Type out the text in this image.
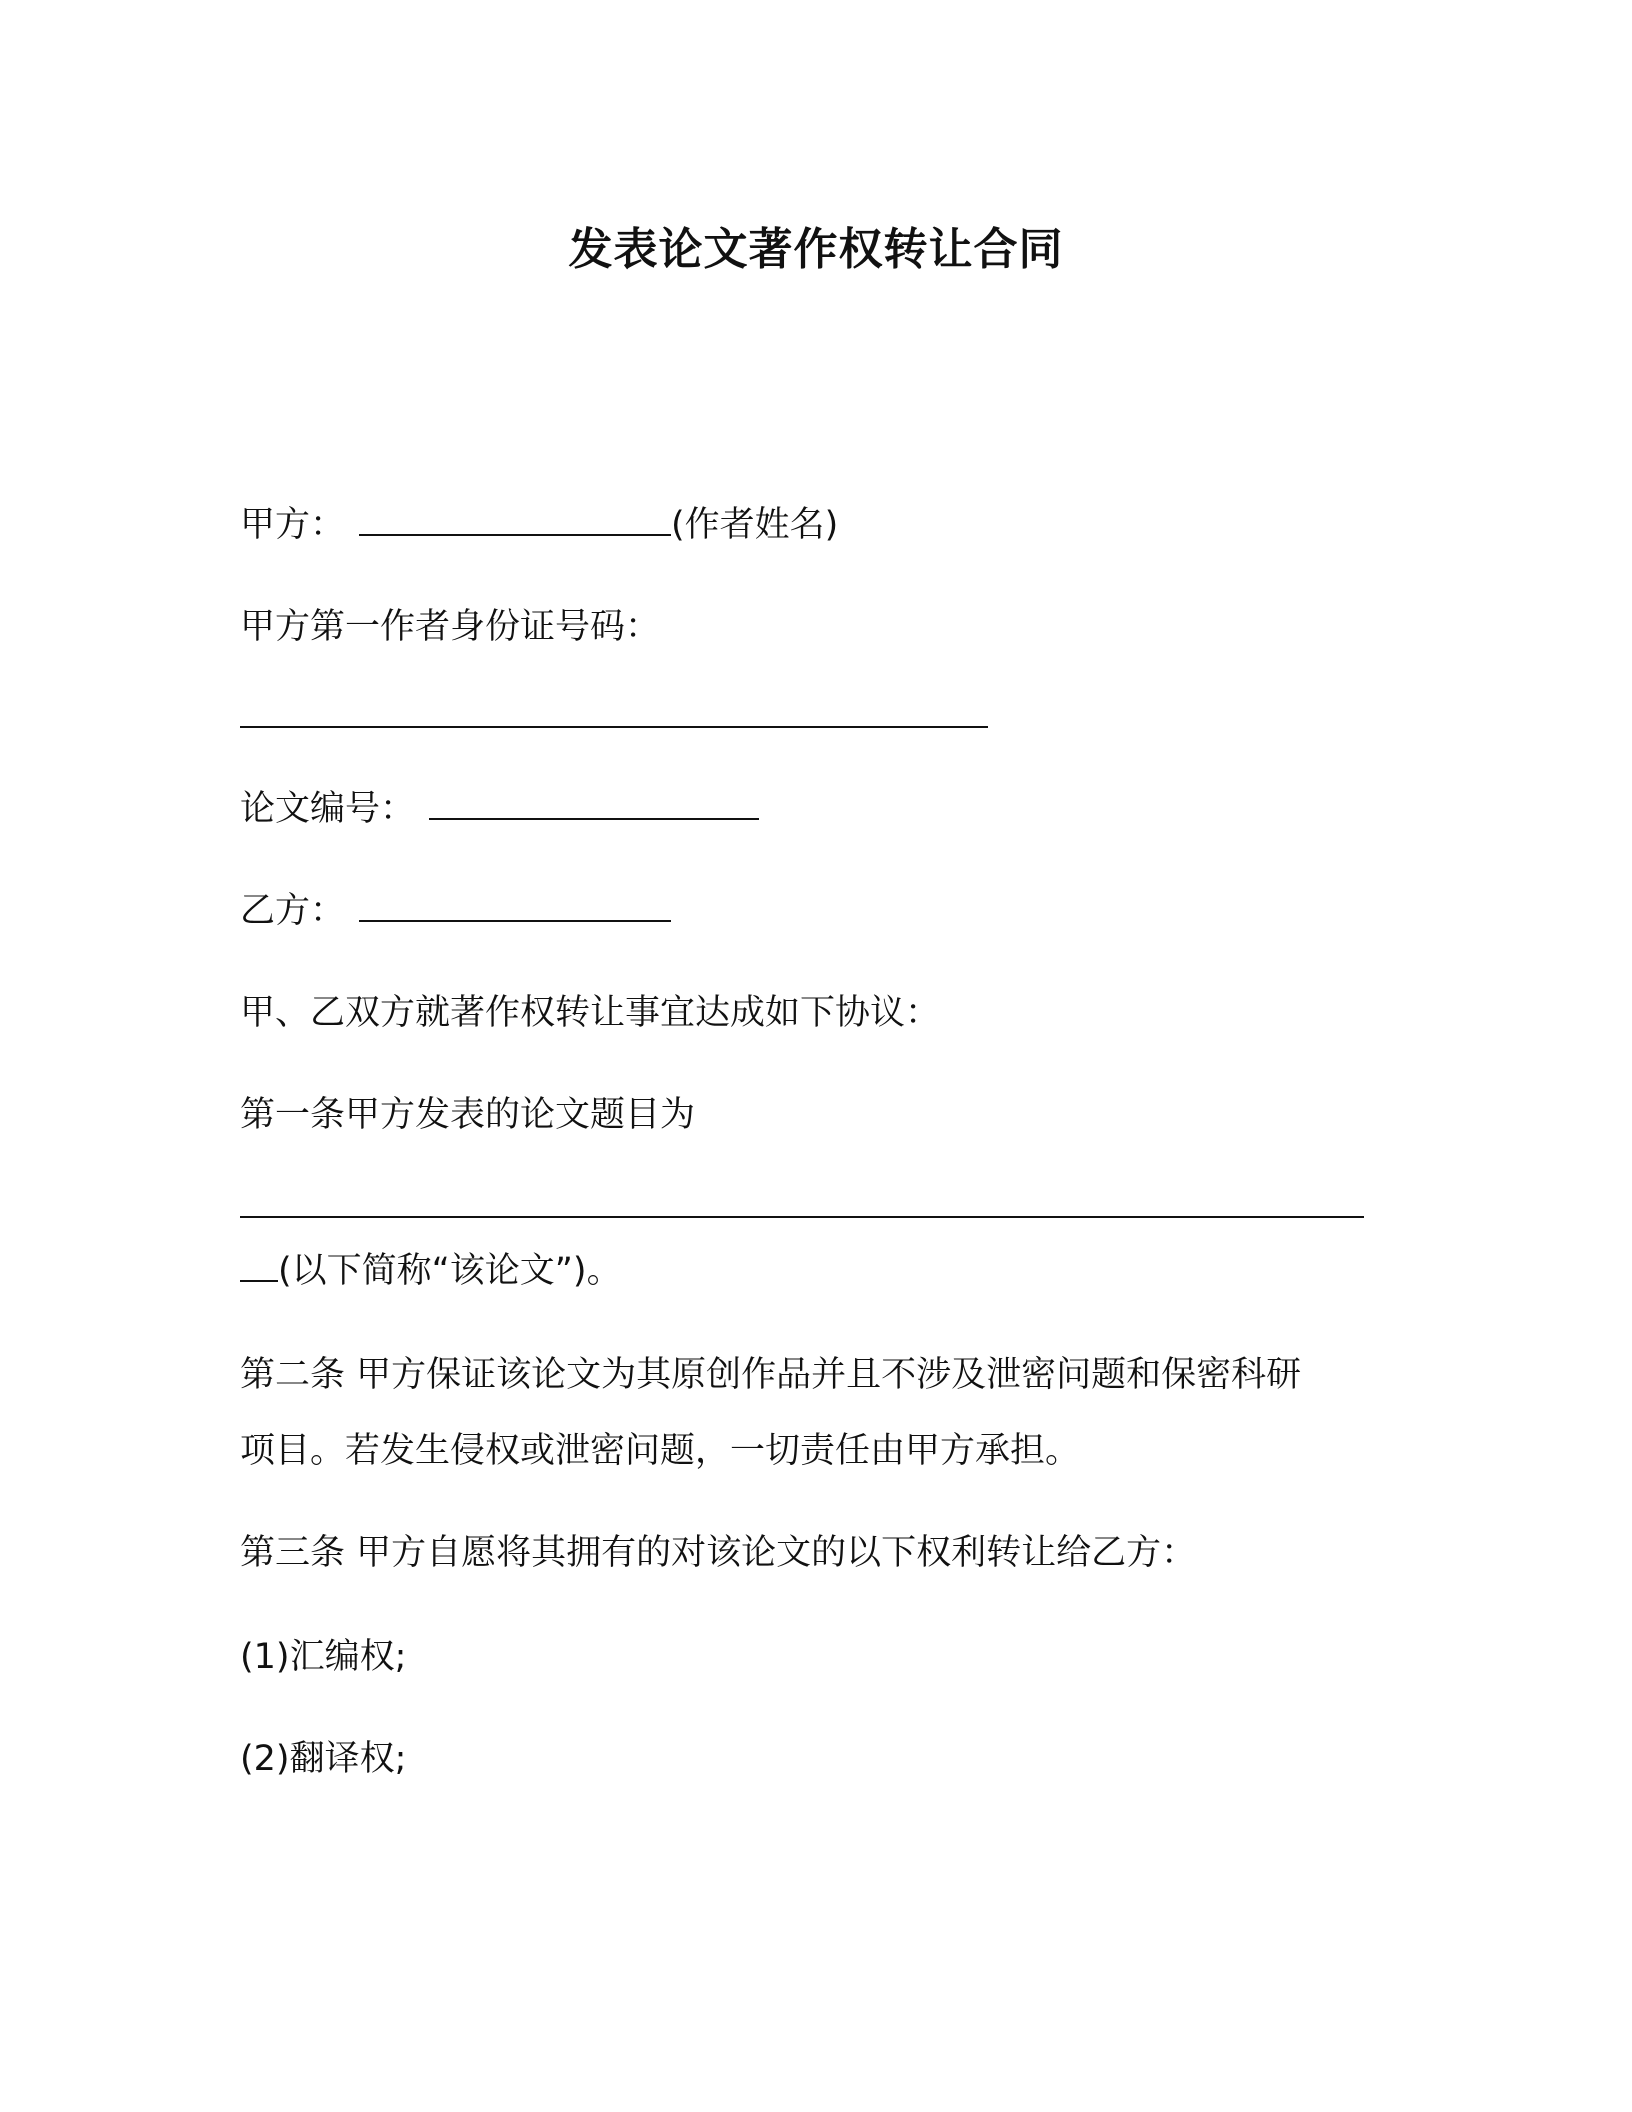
发表论文著作权转让合同
甲方：	(作者姓名)
甲方第一作者身份证号码：
论文编号：
乙方：
甲、乙双方就著作权转让事宜达成如下协议：
第一条甲方发表的论文题目为
(以下简称“该论文”)。
第二条 甲方保证该论文为其原创作品并且不涉及泄密问题和保密科研
项目。若发生侵权或泄密问题，一切责任由甲方承担。
第三条 甲方自愿将其拥有的对该论文的以下权利转让给乙方：
(1)汇编权;
(2)翻译权;
